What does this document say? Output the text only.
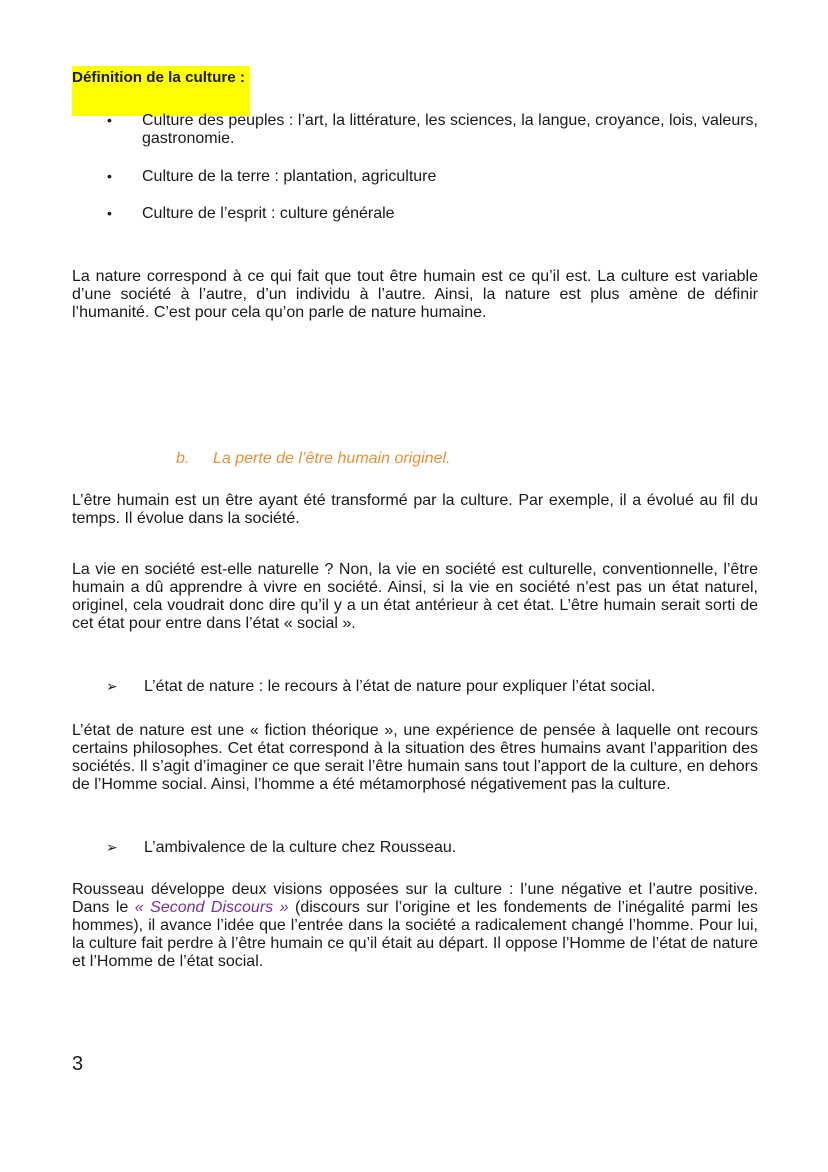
Définition de la culture :
• Culture des peuples : l’art, la littérature, les sciences, la langue, croyance, lois, valeurs, gastronomie.
• Culture de la terre : plantation, agriculture
• Culture de l’esprit : culture générale
La nature correspond à ce qui fait que tout être humain est ce qu’il est. La culture est variable d’une société à l’autre, d’un individu à l’autre. Ainsi, la nature est plus amène de définir l’humanité. C’est pour cela qu’on parle de nature humaine.
b. La perte de l’être humain originel.
L’être humain est un être ayant été transformé par la culture. Par exemple, il a évolué au fil du temps. Il évolue dans la société.
La vie en société est-elle naturelle ? Non, la vie en société est culturelle, conventionnelle, l’être humain a dû apprendre à vivre en société. Ainsi, si la vie en société n’est pas un état naturel, originel, cela voudrait donc dire qu’il y a un état antérieur à cet état. L’être humain serait sorti de cet état pour entre dans l’état « social ».
➢ L’état de nature : le recours à l’état de nature pour expliquer l’état social.
L’état de nature est une « fiction théorique », une expérience de pensée à laquelle ont recours certains philosophes. Cet état correspond à la situation des êtres humains avant l’apparition des sociétés. Il s’agit d’imaginer ce que serait l’être humain sans tout l’apport de la culture, en dehors de l’Homme social. Ainsi, l’homme a été métamorphosé négativement pas la culture.
➢ L’ambivalence de la culture chez Rousseau.
Rousseau développe deux visions opposées sur la culture : l’une négative et l’autre positive. Dans le « Second Discours » (discours sur l’origine et les fondements de l’inégalité parmi les hommes), il avance l’idée que l’entrée dans la société a radicalement changé l’homme. Pour lui, la culture fait perdre à l’être humain ce qu’il était au départ. Il oppose l’Homme de l’état de nature et l’Homme de l’état social.
3
